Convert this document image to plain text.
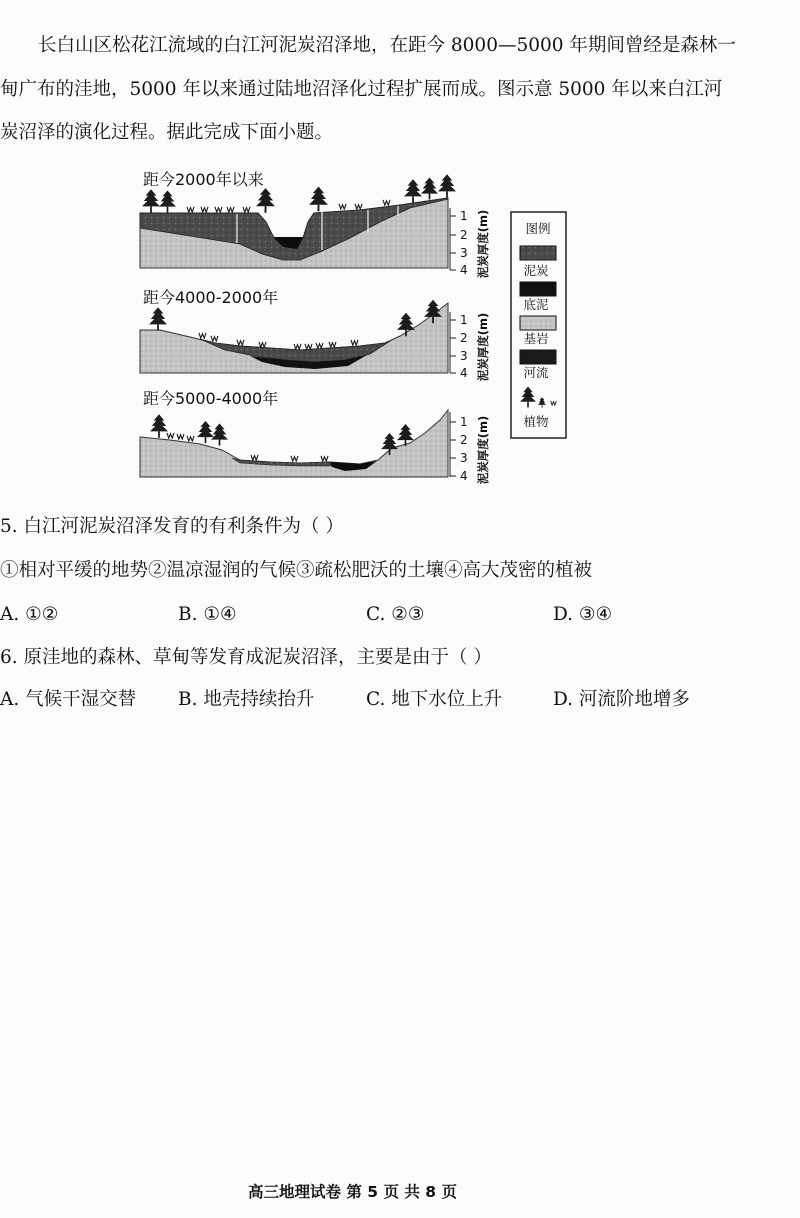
长白山区松花江流域的白江河泥炭沼泽地，在距今 8000—5000 年期间曾经是森林一
甸广布的洼地，5000 年以来通过陆地沼泽化过程扩展而成。图示意 5000 年以来白江河
炭沼泽的演化过程。据此完成下面小题。
距今2000年以来
1
2
3
4 泥炭厚度(m)
距今4000-2000年
1
2
3
4 泥炭厚度(m)
距今5000-4000年
1
2
3
4 泥炭厚度(m)
图例
泥炭
底泥
基岩
河流
植物
5. 白江河泥炭沼泽发育的有利条件为（ ）
①相对平缓的地势②温凉湿润的气候③疏松肥沃的土壤④高大茂密的植被
A. ①②	B. ①④	C. ②③	D. ③④
6. 原洼地的森林、草甸等发育成泥炭沼泽，主要是由于（ ）
A. 气候干湿交替 B. 地壳持续抬升	C. 地下水位上升	D. 河流阶地增多
高三地理试卷 第 5 页 共 8 页
